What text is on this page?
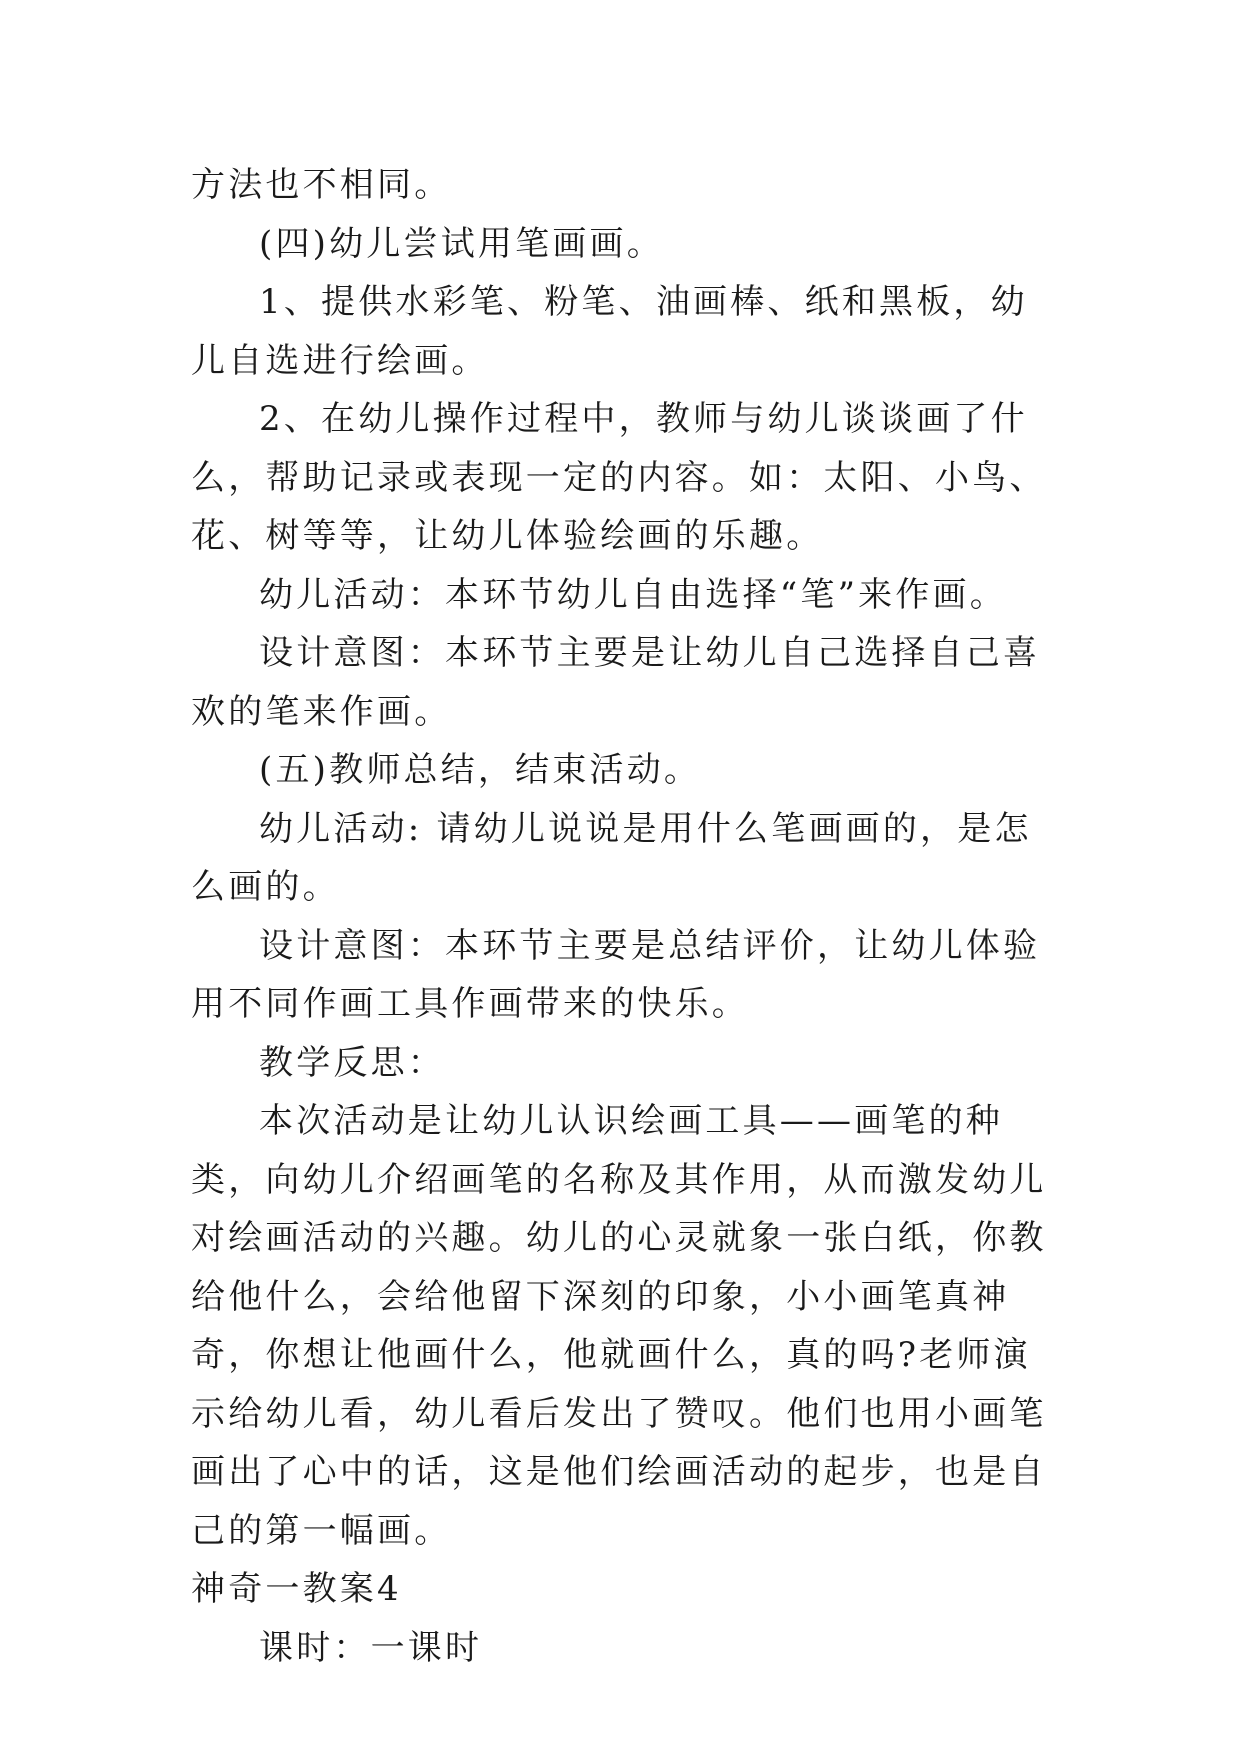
方法也不相同。

(四)幼儿尝试用笔画画。

1、提供水彩笔、粉笔、油画棒、纸和黑板，幼儿自选进行绘画。

2、在幼儿操作过程中，教师与幼儿谈谈画了什么，帮助记录或表现一定的内容。如：太阳、小鸟、花、树等等，让幼儿体验绘画的乐趣。

幼儿活动：本环节幼儿自由选择“笔”来作画。

设计意图：本环节主要是让幼儿自己选择自己喜欢的笔来作画。

(五)教师总结，结束活动。

幼儿活动: 请幼儿说说是用什么笔画画的，是怎么画的。

设计意图：本环节主要是总结评价，让幼儿体验用不同作画工具作画带来的快乐。

教学反思：

本次活动是让幼儿认识绘画工具——画笔的种类，向幼儿介绍画笔的名称及其作用，从而激发幼儿对绘画活动的兴趣。幼儿的心灵就象一张白纸，你教给他什么，会给他留下深刻的印象，小小画笔真神奇，你想让他画什么，他就画什么，真的吗?老师演示给幼儿看，幼儿看后发出了赞叹。他们也用小画笔画出了心中的话，这是他们绘画活动的起步，也是自己的第一幅画。

神奇一教案4

课时：一课时
